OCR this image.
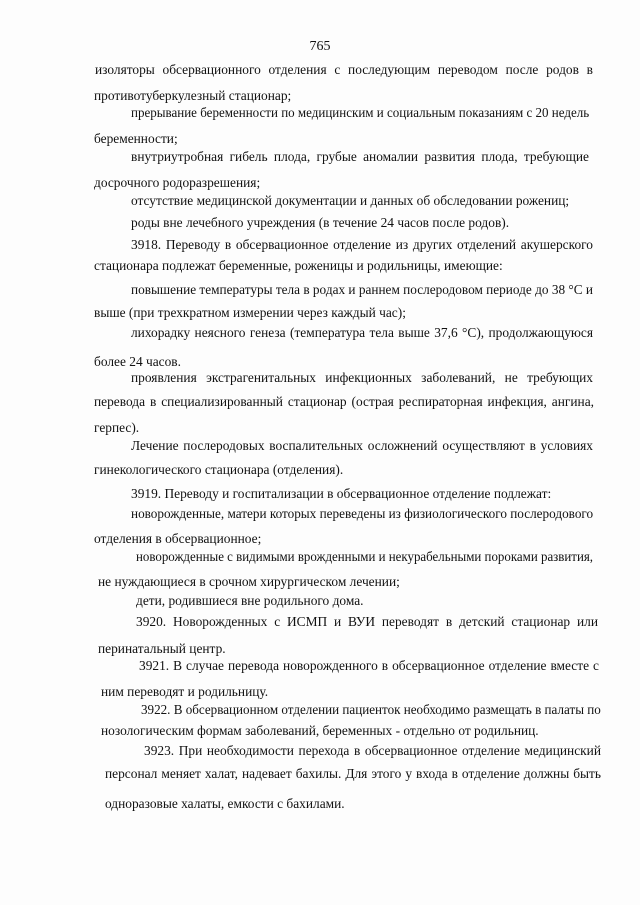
765
изоляторы обсервационного отделения с последующим переводом после родов в
противотуберкулезный стационар;
прерывание беременности по медицинским и социальным показаниям с 20 недель
беременности;
внутриутробная гибель плода, грубые аномалии развития плода, требующие
досрочного родоразрешения;
отсутствие медицинской документации и данных об обследовании рожениц;
роды вне лечебного учреждения (в течение 24 часов после родов).
3918. Переводу в обсервационное отделение из других отделений акушерского
стационара подлежат беременные, роженицы и родильницы, имеющие:
повышение температуры тела в родах и раннем послеродовом периоде до 38 °С и
выше (при трехкратном измерении через каждый час);
лихорадку неясного генеза (температура тела выше 37,6 °С), продолжающуюся
более 24 часов.
проявления экстрагенитальных инфекционных заболеваний, не требующих
перевода в специализированный стационар (острая респираторная инфекция, ангина,
герпес).
Лечение послеродовых воспалительных осложнений осуществляют в условиях
гинекологического стационара (отделения).
3919. Переводу и госпитализации в обсервационное отделение подлежат:
новорожденные, матери которых переведены из физиологического послеродового
отделения в обсервационное;
новорожденные с видимыми врожденными и некурабельными пороками развития,
не нуждающиеся в срочном хирургическом лечении;
дети, родившиеся вне родильного дома.
3920. Новорожденных с ИСМП и ВУИ переводят в детский стационар или
перинатальный центр.
3921. В случае перевода новорожденного в обсервационное отделение вместе с
ним переводят и родильницу.
3922. В обсервационном отделении пациенток необходимо размещать в палаты по
нозологическим формам заболеваний, беременных - отдельно от родильниц.
3923. При необходимости перехода в обсервационное отделение медицинский
персонал меняет халат, надевает бахилы. Для этого у входа в отделение должны быть
одноразовые халаты, емкости с бахилами.
